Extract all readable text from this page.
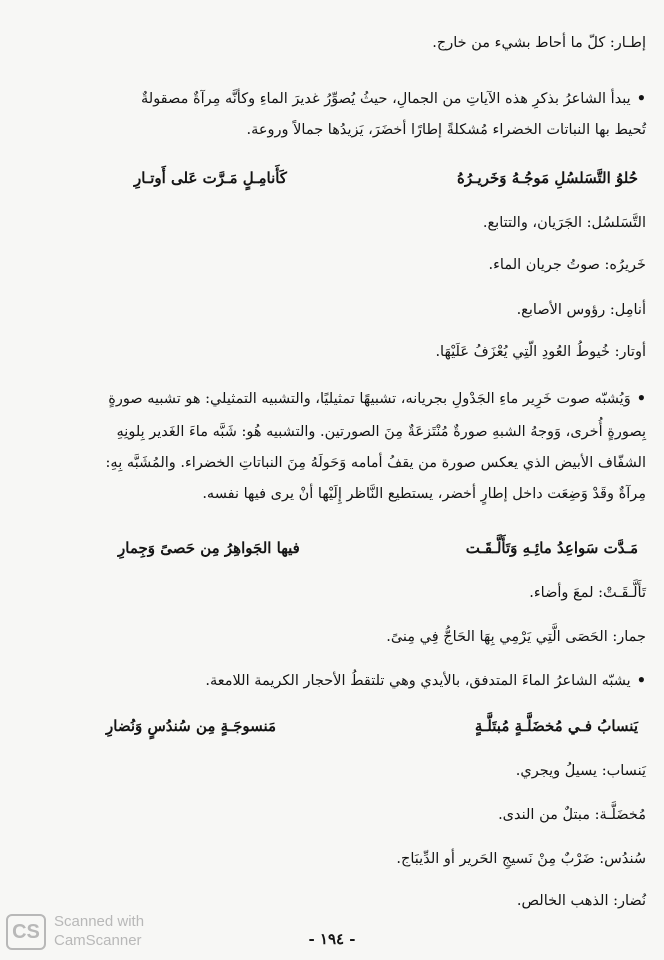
إطـار: كلّ ما أحاط بشيء من خارج.
• يبدأ الشاعرُ بذكرِ هذه الآياتِ من الجمالِ، حيثُ يُصوِّرُ غديرَ الماءِ وكأنَّه مِرآةٌ مصقولةٌ
تُحيط بها النباتات الخضراء مُشكلةً إطارًا أخضَرَ، يَزيدُها جمالاً وروعة.
حُلوُ التَّسَلسُلِ مَوجُـهُ وَخَريـرُهُ
كَأَنامِـلٍ مَـرَّت عَلى أَوتـارِ
التَّسَلسُل: الجَرَيان، والتتابع.
خَريرُه: صوتُ جريان الماء.
أنامِل: رؤوس الأصابع.
أوتار: خُيوطُ العُودِ الّتِي يُعْزَفُ عَلَيْهَا.
• وَيُشبّه صوت خَرِير ماءِ الجَدْولِ بجريانه، تشبيهًا تمثيليًا، والتشبيه التمثيلي: هو تشبيه صورةٍ
بِصورةٍ أُخرى، وَوجهُ الشبهِ صورةٌ مُنْتَزعَةٌ مِنَ الصورتين. والتشبيه هُو: شَبَّه ماءَ الغَدير بِلونِهِ
الشفّاف الأبيض الذي يعكس صورة من يقفُ أمامه وَحَولَهُ مِنَ النباتاتِ الخضراء. والمُشَبَّه بِهِ:
مِرآةٌ وقَدْ وَضِعَت داخل إطارٍ أخضر، يستطيع النَّاظر إِلَيْها أنْ يرى فيها نفسه.
مَـدَّت سَواعِدُ مائِـهِ وَتَأَلَّـقَـت
فيها الجَواهِرُ مِن حَصىً وَجِمارِ
تَأَلَّـقَـتْ: لمعَ وأضاء.
جمار: الحَصَى الَّتِي يَرْمِي بِهَا الحَاجُّ فِي مِنىً.
• يشبّه الشاعرُ الماءَ المتدفق، بالأيدي وهي تلتقطُ الأحجار الكريمة اللامعة.
يَنسابُ فـي مُخضَلَّـةٍ مُبتَلَّـةٍ
مَنسوجَـةٍ مِن سُندُسٍ وَنُضارِ
يَنساب: يسيلُ ويجري.
مُخضَلَّـة: مبتلٌ من الندى.
سُندُس: ضَرْبٌ مِنْ نَسيجِ الحَرير أو الدِّيبَاج.
نُضار: الذهب الخالص.
- ١٩٤ -
CS Scanned with
CamScanner
